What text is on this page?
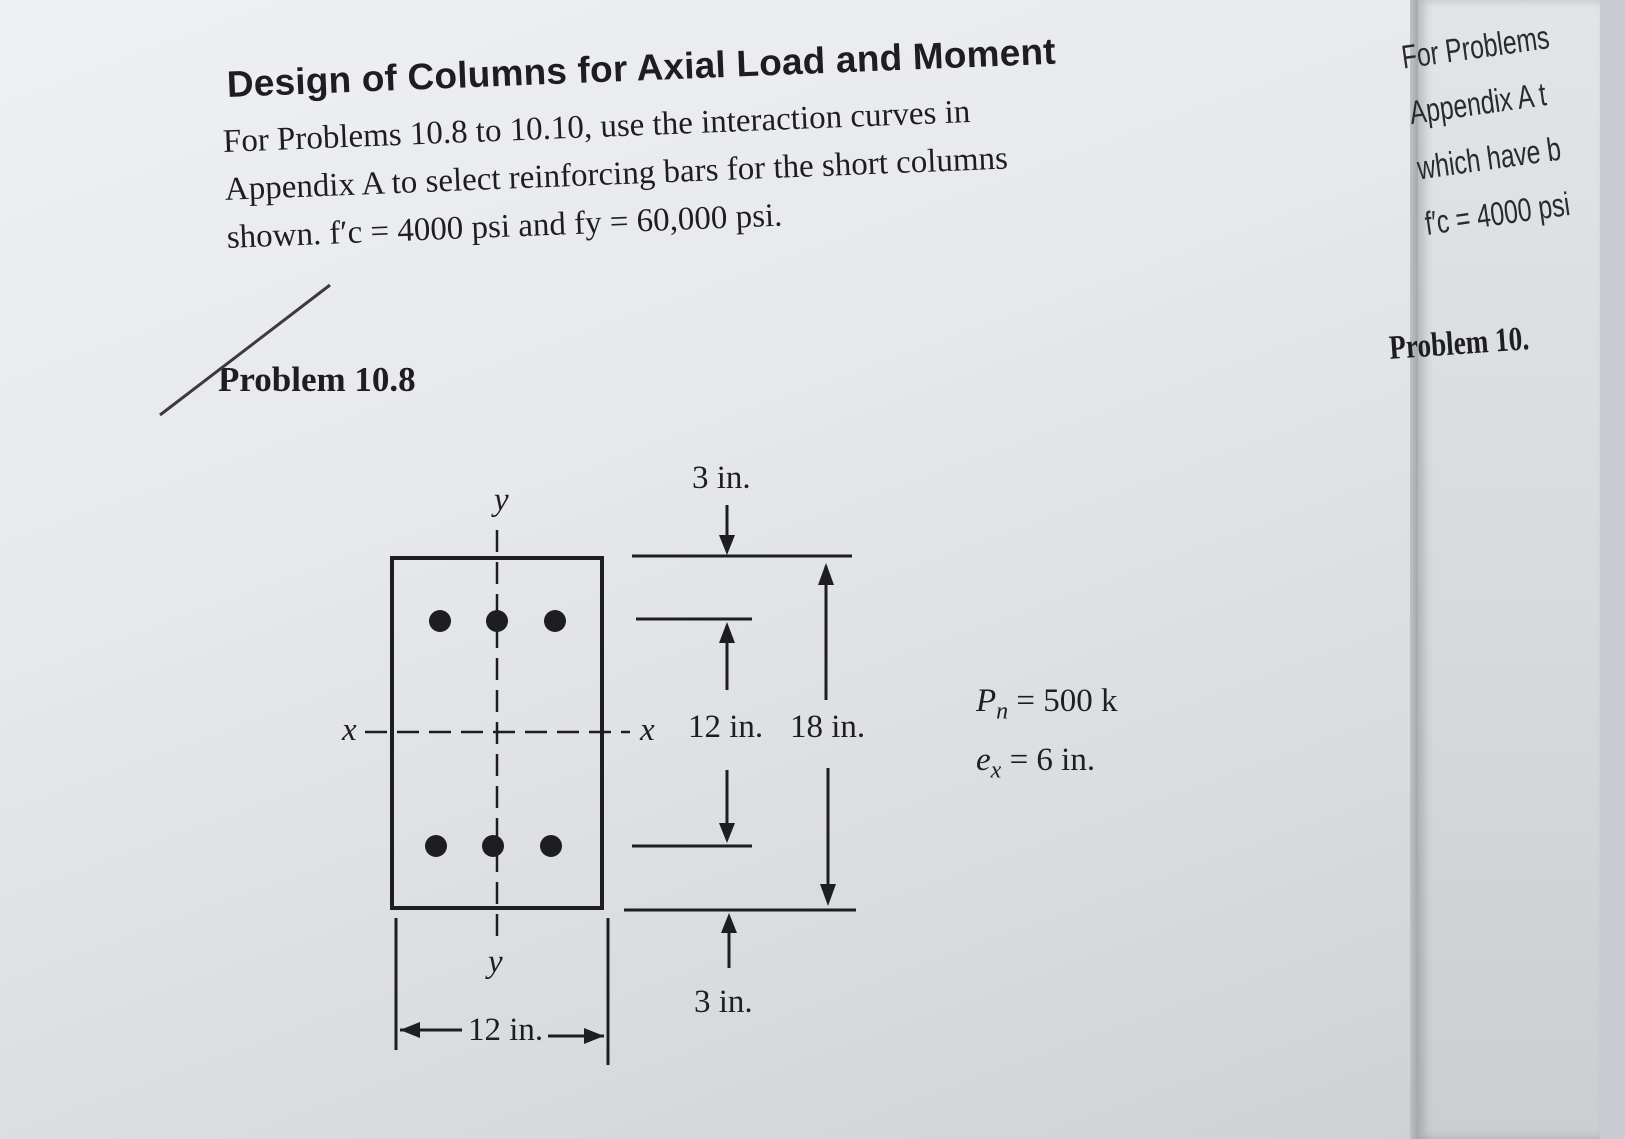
For Problems
Appendix A t
which have b
f′c = 4000 psi
Problem 10.
Design of Columns for Axial Load and Moment
For Problems 10.8 to 10.10, use the interaction curves in
Appendix A to select reinforcing bars for the short columns
shown. f′c = 4000 psi and fy = 60,000 psi.
Problem 10.8
y
y
x	x
3 in.
12 in. 18 in.
3 in.
12 in.
$P_n = 500$ k
$e_x = 6$ in.
